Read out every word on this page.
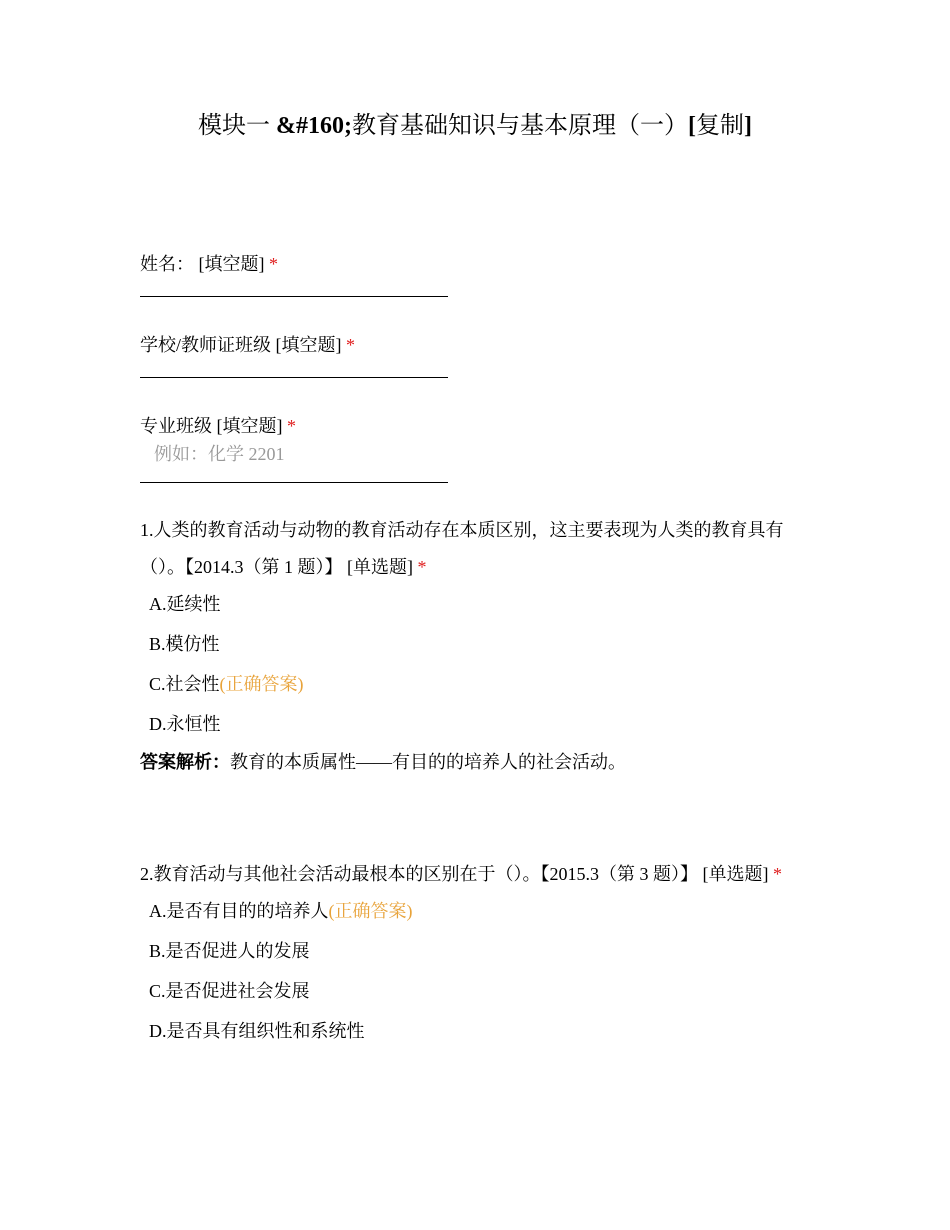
模块一 &#160;教育基础知识与基本原理（一）[复制]
姓名： [填空题] *
学校/教师证班级 [填空题] *
专业班级 [填空题] *
例如：化学 2201
1.人类的教育活动与动物的教育活动存在本质区别，这主要表现为人类的教育具有（）。【2014.3（第 1 题）】 [单选题] *
A.延续性
B.模仿性
C.社会性(正确答案)
D.永恒性
答案解析：教育的本质属性——有目的的培养人的社会活动。
2.教育活动与其他社会活动最根本的区别在于（）。【2015.3（第 3 题）】 [单选题] *
A.是否有目的的培养人(正确答案)
B.是否促进人的发展
C.是否促进社会发展
D.是否具有组织性和系统性
